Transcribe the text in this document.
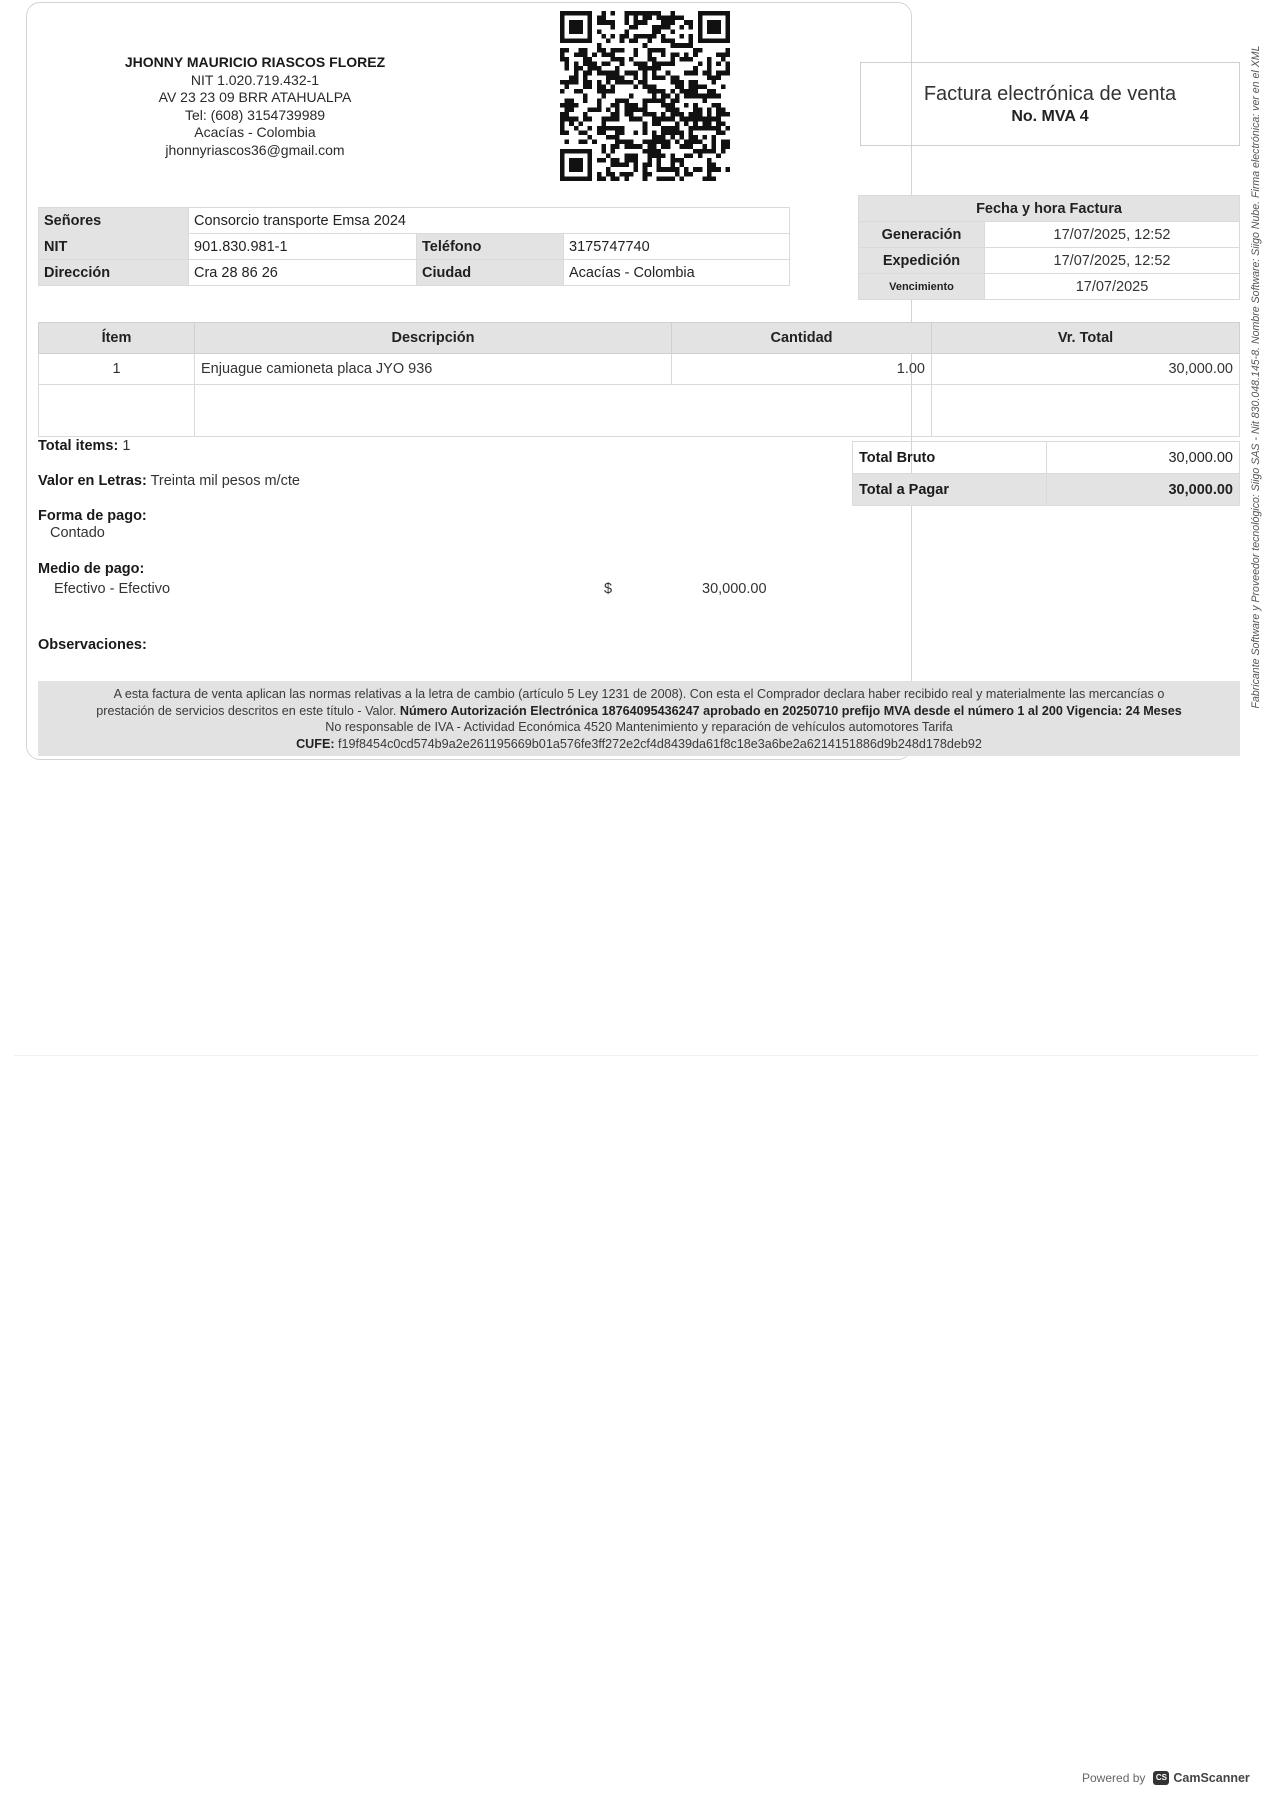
JHONNY MAURICIO RIASCOS FLOREZ
NIT 1.020.719.432-1
AV 23 23 09 BRR ATAHUALPA
Tel: (608) 3154739989
Acacías - Colombia
jhonnyriascos36@gmail.com
Factura electrónica de venta
No. MVA 4
Señores	Consorcio transporte Emsa 2024		
NIT	901.830.981-1	Teléfono	3175747740
Dirección	Cra 28 86 26	Ciudad	Acacías - Colombia
Fecha y hora Factura	
Generación	17/07/2025, 12:52
Expedición	17/07/2025, 12:52
Vencimiento	17/07/2025
Ítem	Descripción	Cantidad	Vr. Total
1	Enjuague camioneta placa JYO 936	1.00	30,000.00

Total items: 1
Valor en Letras: Treinta mil pesos m/cte
Forma de pago:
Contado
Medio de pago:
Efectivo - Efectivo	$	30,000.00
Observaciones:
Total Bruto	30,000.00
Total a Pagar	30,000.00
A esta factura de venta aplican las normas relativas a la letra de cambio (artículo 5 Ley 1231 de 2008). Con esta el Comprador declara haber recibido real y materialmente las mercancías o
prestación de servicios descritos en este título - Valor. Número Autorización Electrónica 18764095436247 aprobado en 20250710 prefijo MVA desde el número 1 al 200 Vigencia: 24 Meses
No responsable de IVA - Actividad Económica 4520 Mantenimiento y reparación de vehículos automotores Tarifa
CUFE: f19f8454c0cd574b9a2e261195669b01a576fe3ff272e2cf4d8439da61f8c18e3a6be2a6214151886d9b248d178deb92
Fabricante Software y Proveedor tecnológico: Siigo SAS - Nit 830.048.145-8. Nombre Software: Siigo Nube. Firma electrónica: ver en el XML
Powered by	CS CamScanner
